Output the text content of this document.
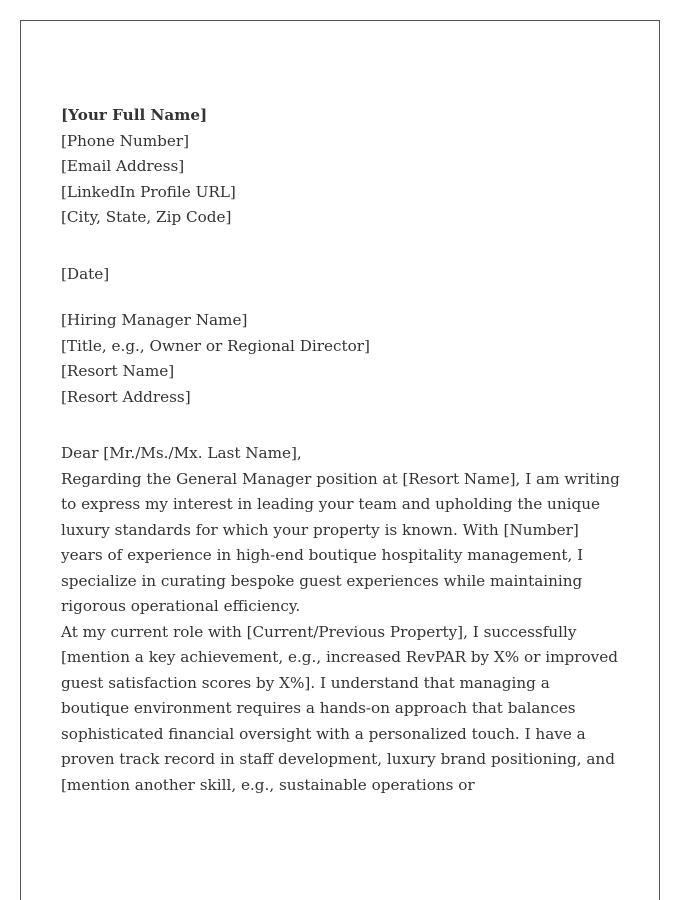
[Your Full Name]
[Phone Number]
[Email Address]
[LinkedIn Profile URL]
[City, State, Zip Code]
[Date]
[Hiring Manager Name]
[Title, e.g., Owner or Regional Director]
[Resort Name]
[Resort Address]
Dear [Mr./Ms./Mx. Last Name],

Regarding the General Manager position at [Resort Name], I am writing to express my interest in leading your team and upholding the unique luxury standards for which your property is known. With [Number] years of experience in high-end boutique hospitality management, I specialize in curating bespoke guest experiences while maintaining rigorous operational efficiency.

At my current role with [Current/Previous Property], I successfully [mention a key achievement, e.g., increased RevPAR by X% or improved guest satisfaction scores by X%]. I understand that managing a boutique environment requires a hands-on approach that balances sophisticated financial oversight with a personalized touch. I have a proven track record in staff development, luxury brand positioning, and [mention another skill, e.g., sustainable operations or
